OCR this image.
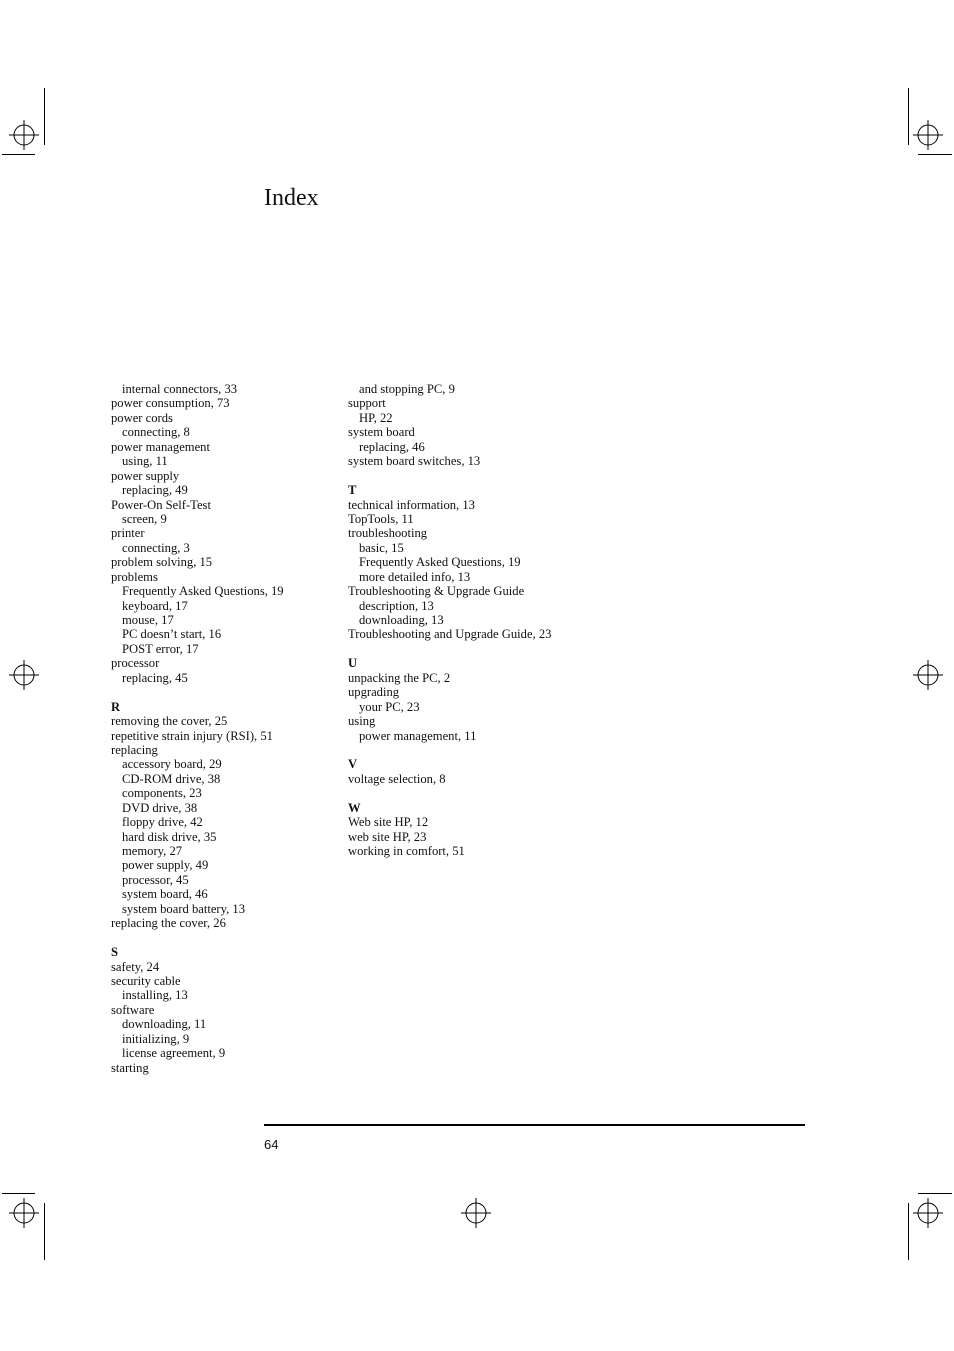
Index
internal connectors, 33
power consumption, 73
power cords
connecting, 8
power management
using, 11
power supply
replacing, 49
Power-On Self-Test
screen, 9
printer
connecting, 3
problem solving, 15
problems
Frequently Asked Questions, 19
keyboard, 17
mouse, 17
PC doesn’t start, 16
POST error, 17
processor
replacing, 45
R
removing the cover, 25
repetitive strain injury (RSI), 51
replacing
accessory board, 29
CD-ROM drive, 38
components, 23
DVD drive, 38
floppy drive, 42
hard disk drive, 35
memory, 27
power supply, 49
processor, 45
system board, 46
system board battery, 13
replacing the cover, 26
S
safety, 24
security cable
installing, 13
software
downloading, 11
initializing, 9
license agreement, 9
starting
and stopping PC, 9
support
HP, 22
system board
replacing, 46
system board switches, 13
T
technical information, 13
TopTools, 11
troubleshooting
basic, 15
Frequently Asked Questions, 19
more detailed info, 13
Troubleshooting & Upgrade Guide
description, 13
downloading, 13
Troubleshooting and Upgrade Guide, 23
U
unpacking the PC, 2
upgrading
your PC, 23
using
power management, 11
V
voltage selection, 8
W
Web site HP, 12
web site HP, 23
working in comfort, 51
64
